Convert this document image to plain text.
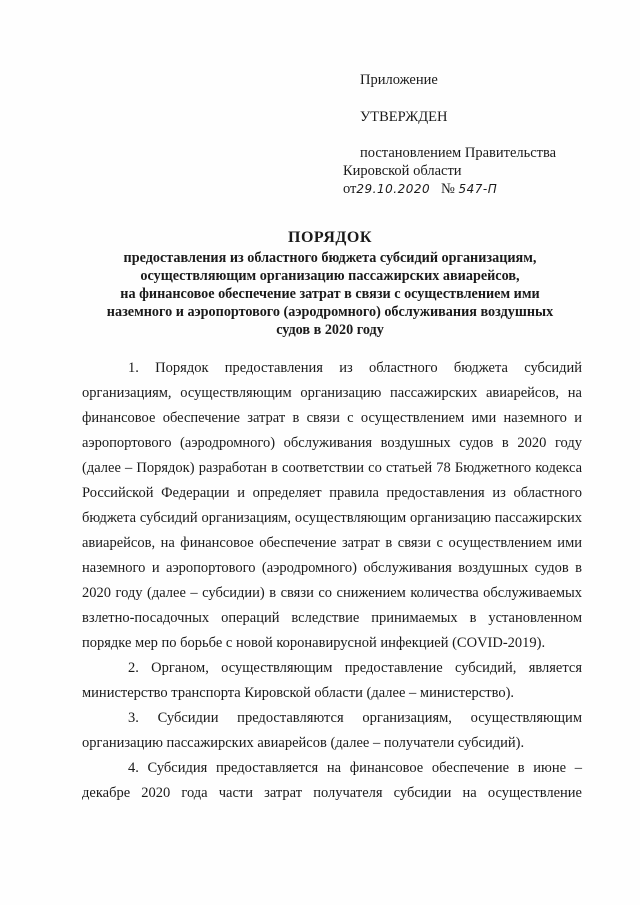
Приложение
УТВЕРЖДЕН
постановлением Правительства
Кировской области
от29.10.2020 № 547-П
ПОРЯДОК
предоставления из областного бюджета субсидий организациям,
осуществляющим организацию пассажирских авиарейсов,
на финансовое обеспечение затрат в связи с осуществлением ими
наземного и аэропортового (аэродромного) обслуживания воздушных
судов в 2020 году

1. Порядок предоставления из областного бюджета субсидий организациям, осуществляющим организацию пассажирских авиарейсов, на финансовое обеспечение затрат в связи с осуществлением ими наземного и аэропортового (аэродромного) обслуживания воздушных судов в 2020 году (далее – Порядок) разработан в соответствии со статьей 78 Бюджетного кодекса Российской Федерации и определяет правила предоставления из областного бюджета субсидий организациям, осуществляющим организацию пассажирских авиарейсов, на финансовое обеспечение затрат в связи с осуществлением ими наземного и аэропортового (аэродромного) обслуживания воздушных судов в 2020 году (далее – субсидии) в связи со снижением количества обслуживаемых взлетно-посадочных операций вследствие принимаемых в установленном порядке мер по борьбе с новой коронавирусной инфекцией (COVID-2019).

2. Органом, осуществляющим предоставление субсидий, является министерство транспорта Кировской области (далее – министерство).

3. Субсидии предоставляются организациям, осуществляющим организацию пассажирских авиарейсов (далее – получатели субсидий).

4. Субсидия предоставляется на финансовое обеспечение в июне – декабре 2020 года части затрат получателя субсидии на осуществление
